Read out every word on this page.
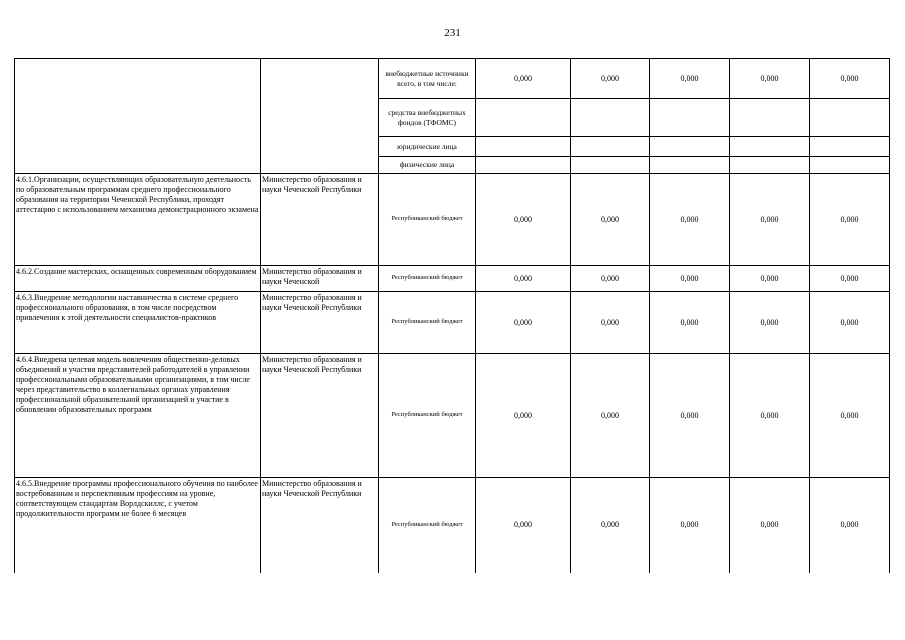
231
		внебюджетные источники всего, в том числе:	0,000	0,000	0,000	0,000	0,000
		средства внебюджетных фондов (ТФОМС)					
		юридические лица					
		физические лица					
4.6.1.Организации, осуществляющих образовательную деятельность по образовательным программам среднего профессионального образования на территории Чеченской Республики, проходят аттестацию с использованием механизма демонстрационного экзамена	Министерство образования и науки Чеченской Республики	Республиканский бюджет	0,000	0,000	0,000	0,000	0,000
4.6.2.Создание мастерских, оснащенных современным оборудованием	Министерство образования и науки Чеченской	Республиканский бюджет	0,000	0,000	0,000	0,000	0,000
4.6.3.Внедрение методологии наставничества в системе среднего профессионального образования, в том числе посредством привлечения к этой деятельности специалистов-практиков	Министерство образования и науки Чеченской Республики	Республиканский бюджет	0,000	0,000	0,000	0,000	0,000
4.6.4.Внедрена целевая модель вовлечения общественно-деловых объединений и участия представителей работодателей в управлении профессиональными образовательными организациями, в том числе через представительство в коллегиальных органах управления профессиональной образовательной организацией и участие в обновлении образовательных программ	Министерство образования и науки Чеченской Республики	Республиканский бюджет	0,000	0,000	0,000	0,000	0,000
4.6.5.Внедрение программы профессионального обучения по наиболее востребованным и перспективным профессиям на уровне, соответствующем стандартам Ворлдскиллс, с учетом продолжительности программ не более 6 месяцев	Министерство образования и науки Чеченской Республики	Республиканский бюджет	0,000	0,000	0,000	0,000	0,000
